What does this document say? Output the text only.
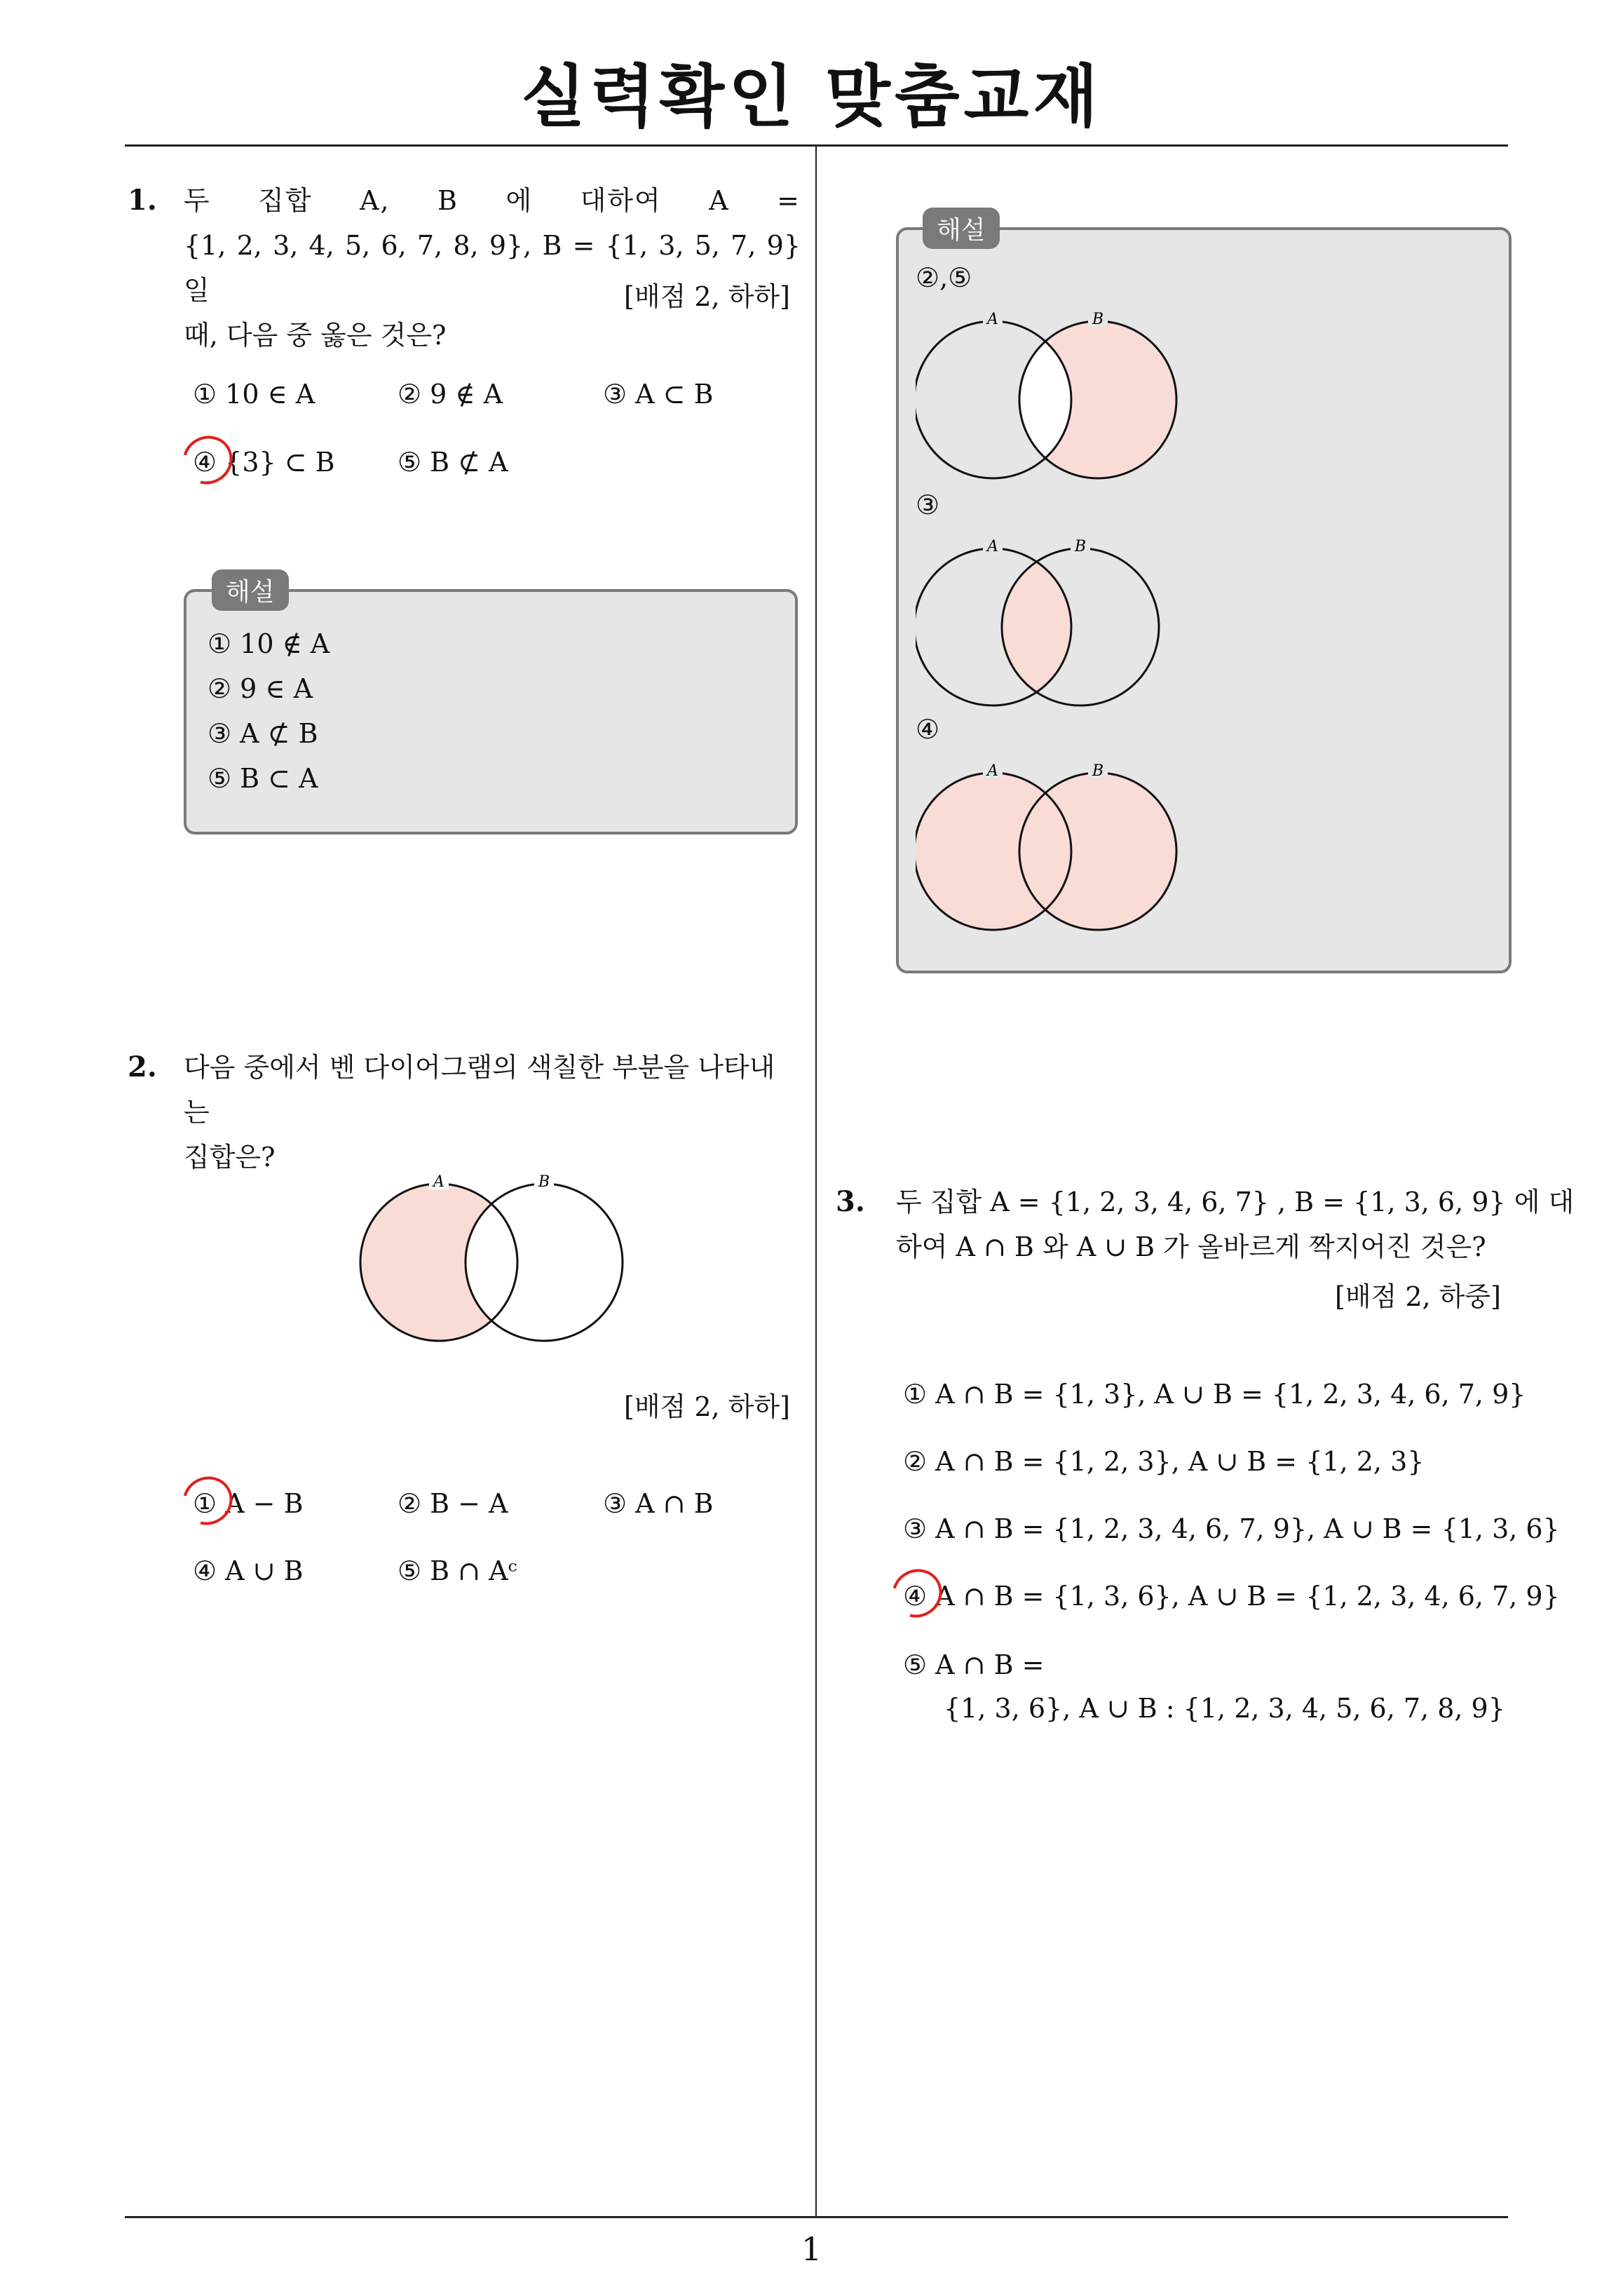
실력확인 맞춤교재
1
1. 두 집합 A, B 에 대하여 A =
{1, 2, 3, 4, 5, 6, 7, 8, 9}, B = {1, 3, 5, 7, 9} 일
때, 다음 중 옳은 것은?
[배점 2, 하하]
① 10 ∈ A	② 9 ∉ A	③ A ⊂ B
④ {3} ⊂ B ⑤ B ⊄ A
해설
① 10 ∉ A
② 9 ∈ A
③ A ⊄ B
⑤ B ⊂ A
2. 다음 중에서 벤 다이어그램의 색칠한 부분을 나타내는
집합은?
A	B
[배점 2, 하하]
① A − B	② B − A	③ A ∩ B
④ A ∪ B	⑤ B ∩ Aᶜ
해설
②,⑤
A	B
③
A	B
④
A	B
3. 두 집합 A = {1, 2, 3, 4, 6, 7} , B = {1, 3, 6, 9} 에 대
하여 A ∩ B 와 A ∪ B 가 올바르게 짝지어진 것은?
[배점 2, 하중]
① A ∩ B = {1, 3}, A ∪ B = {1, 2, 3, 4, 6, 7, 9}
② A ∩ B = {1, 2, 3}, A ∪ B = {1, 2, 3}
③ A ∩ B = {1, 2, 3, 4, 6, 7, 9}, A ∪ B = {1, 3, 6}
④ A ∩ B = {1, 3, 6}, A ∪ B = {1, 2, 3, 4, 6, 7, 9}
⑤ A ∩ B =
{1, 3, 6}, A ∪ B : {1, 2, 3, 4, 5, 6, 7, 8, 9}
